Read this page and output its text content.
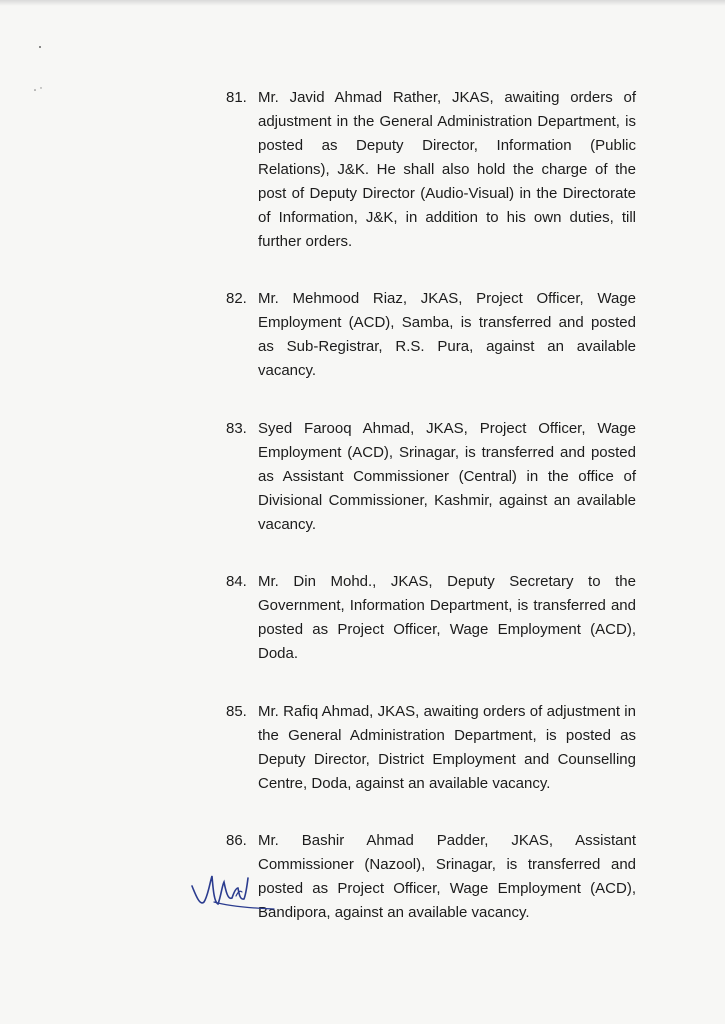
81. Mr. Javid Ahmad Rather, JKAS, awaiting orders of adjustment in the General Administration Department, is posted as Deputy Director, Information (Public Relations), J&K. He shall also hold the charge of the post of Deputy Director (Audio-Visual) in the Directorate of Information, J&K, in addition to his own duties, till further orders.
82. Mr. Mehmood Riaz, JKAS, Project Officer, Wage Employment (ACD), Samba, is transferred and posted as Sub-Registrar, R.S. Pura, against an available vacancy.
83. Syed Farooq Ahmad, JKAS, Project Officer, Wage Employment (ACD), Srinagar, is transferred and posted as Assistant Commissioner (Central) in the office of Divisional Commissioner, Kashmir, against an available vacancy.
84. Mr. Din Mohd., JKAS, Deputy Secretary to the Government, Information Department, is transferred and posted as Project Officer, Wage Employment (ACD), Doda.
85. Mr. Rafiq Ahmad, JKAS, awaiting orders of adjustment in the General Administration Department, is posted as Deputy Director, District Employment and Counselling Centre, Doda, against an available vacancy.
86. Mr. Bashir Ahmad Padder, JKAS, Assistant Commissioner (Nazool), Srinagar, is transferred and posted as Project Officer, Wage Employment (ACD), Bandipora, against an available vacancy.
